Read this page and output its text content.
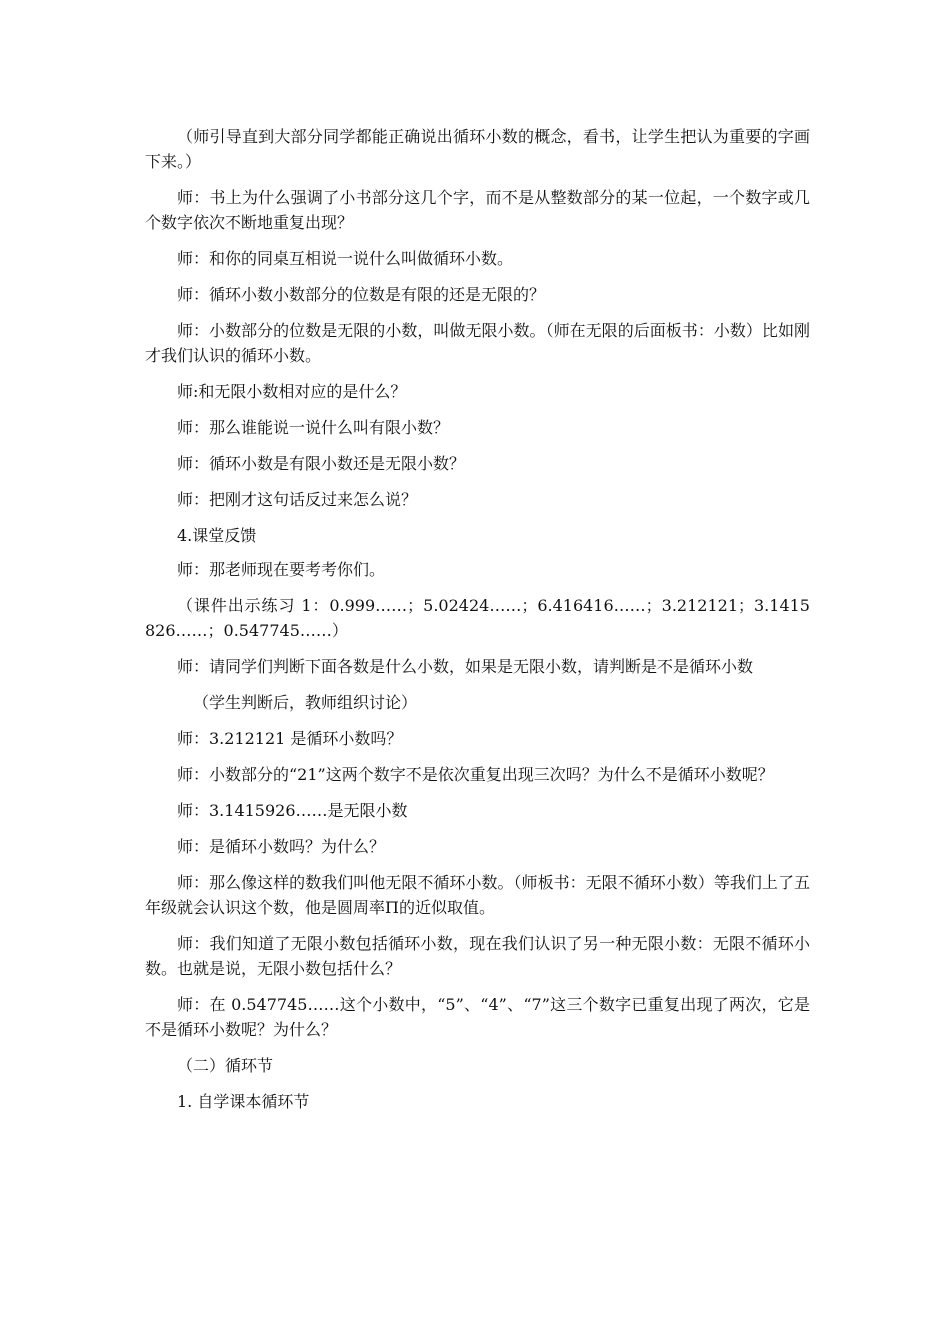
（师引导直到大部分同学都能正确说出循环小数的概念，看书，让学生把认为重要的字画下来。）

师：书上为什么强调了小书部分这几个字，而不是从整数部分的某一位起，一个数字或几个数字依次不断地重复出现？

师：和你的同桌互相说一说什么叫做循环小数。

师：循环小数小数部分的位数是有限的还是无限的？

师：小数部分的位数是无限的小数，叫做无限小数。（师在无限的后面板书：小数）比如刚才我们认识的循环小数。

师:和无限小数相对应的是什么？

师：那么谁能说一说什么叫有限小数？

师：循环小数是有限小数还是无限小数？

师：把刚才这句话反过来怎么说？

4.课堂反馈

师：那老师现在要考考你们。

（课件出示练习 1：0.999……；5.02424……；6.416416……；3.212121；3.1415826……；0.547745……）

师：请同学们判断下面各数是什么小数，如果是无限小数，请判断是不是循环小数

（学生判断后，教师组织讨论）

师：3.212121 是循环小数吗？

师：小数部分的“21”这两个数字不是依次重复出现三次吗？为什么不是循环小数呢？

师：3.1415926……是无限小数

师：是循环小数吗？为什么？

师：那么像这样的数我们叫他无限不循环小数。（师板书：无限不循环小数）等我们上了五年级就会认识这个数，他是圆周率Π的近似取值。

师：我们知道了无限小数包括循环小数，现在我们认识了另一种无限小数：无限不循环小数。也就是说，无限小数包括什么？

师：在 0.547745……这个小数中，“5”、“4”、“7”这三个数字已重复出现了两次，它是不是循环小数呢？为什么？

（二）循环节

1. 自学课本循环节
